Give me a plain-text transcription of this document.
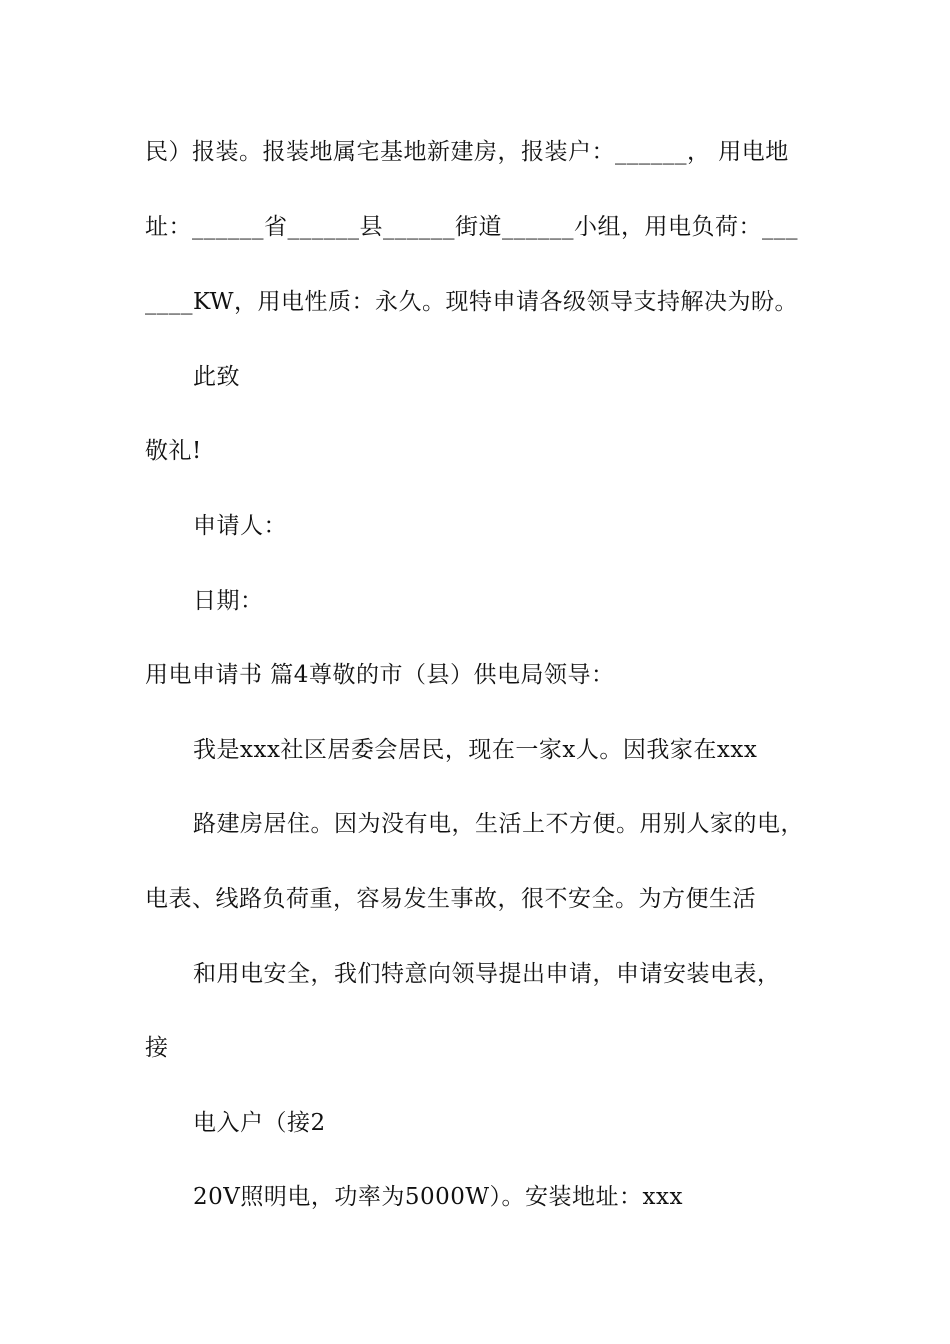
民）报装。报装地属宅基地新建房，报装户：______， 用电地
址：______省______县______街道______小组，用电负荷：___
____KW，用电性质：永久。现特申请各级领导支持解决为盼。
此致
敬礼!
申请人：
日期：
用电申请书 篇4尊敬的市（县）供电局领导：
我是xxx社区居委会居民，现在一家x人。因我家在xxx
路建房居住。因为没有电，生活上不方便。用别人家的电，
电表、线路负荷重，容易发生事故，很不安全。为方便生活
和用电安全，我们特意向领导提出申请，申请安装电表，
接
电入户（接2
20V照明电，功率为5000W）。安装地址：xxx
